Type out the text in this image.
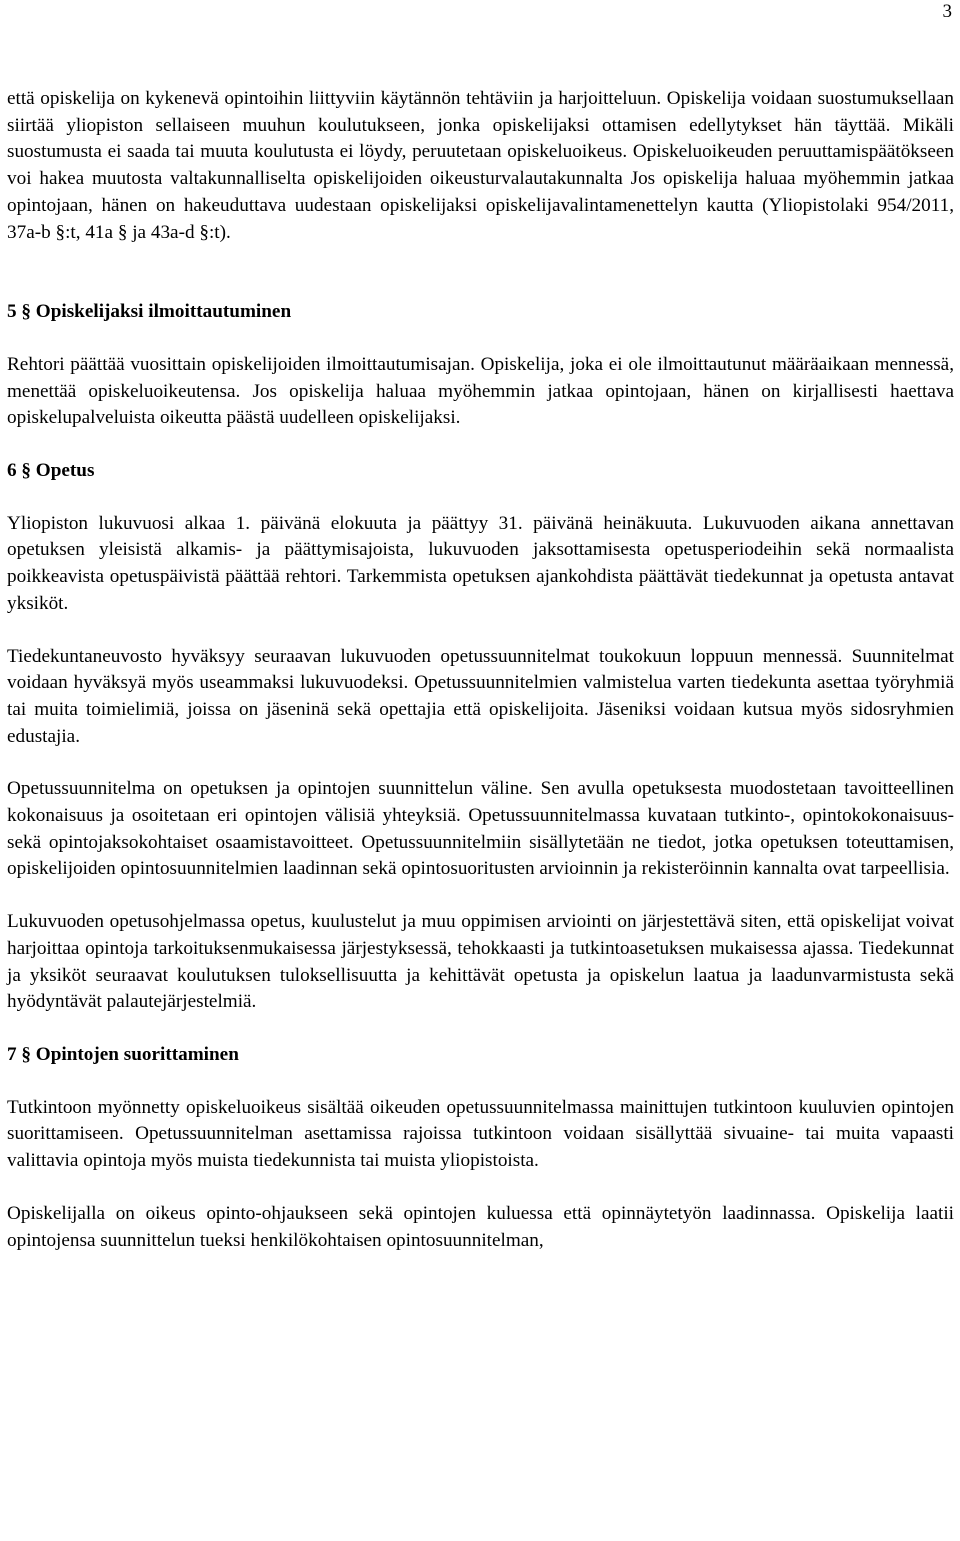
3

että opiskelija on kykenevä opintoihin liittyviin käytännön tehtäviin ja harjoitteluun. Opiskelija voidaan suostumuksellaan siirtää yliopiston sellaiseen muuhun koulutukseen, jonka opiskelijaksi ottamisen edellytykset hän täyttää. Mikäli suostumusta ei saada tai muuta koulutusta ei löydy, peruutetaan opiskeluoikeus. Opiskeluoikeuden peruuttamispäätökseen voi hakea muutosta valtakunnalliselta opiskelijoiden oikeusturvalautakunnalta Jos opiskelija haluaa myöhemmin jatkaa opintojaan, hänen on hakeuduttava uudestaan opiskelijaksi opiskelijavalintamenettelyn kautta (Yliopistolaki 954/2011, 37a-b §:t, 41a § ja 43a-d §:t).

5 § Opiskelijaksi ilmoittautuminen

Rehtori päättää vuosittain opiskelijoiden ilmoittautumisajan. Opiskelija, joka ei ole ilmoittautunut määräaikaan mennessä, menettää opiskeluoikeutensa. Jos opiskelija haluaa myöhemmin jatkaa opintojaan, hänen on kirjallisesti haettava opiskelupalveluista oikeutta päästä uudelleen opiskelijaksi.

6 § Opetus

Yliopiston lukuvuosi alkaa 1. päivänä elokuuta ja päättyy 31. päivänä heinäkuuta. Lukuvuoden aikana annettavan opetuksen yleisistä alkamis- ja päättymisajoista, lukuvuoden jaksottamisesta opetusperiodeihin sekä normaalista poikkeavista opetuspäivistä päättää rehtori. Tarkemmista opetuksen ajankohdista päättävät tiedekunnat ja opetusta antavat yksiköt.

Tiedekuntaneuvosto hyväksyy seuraavan lukuvuoden opetussuunnitelmat toukokuun loppuun mennessä. Suunnitelmat voidaan hyväksyä myös useammaksi lukuvuodeksi. Opetussuunnitelmien valmistelua varten tiedekunta asettaa työryhmiä tai muita toimielimiä, joissa on jäseninä sekä opettajia että opiskelijoita. Jäseniksi voidaan kutsua myös sidosryhmien edustajia.

Opetussuunnitelma on opetuksen ja opintojen suunnittelun väline. Sen avulla opetuksesta muodostetaan tavoitteellinen kokonaisuus ja osoitetaan eri opintojen välisiä yhteyksiä. Opetussuunnitelmassa kuvataan tutkinto-, opintokokonaisuus- sekä opintojaksokohtaiset osaamistavoitteet. Opetussuunnitelmiin sisällytetään ne tiedot, jotka opetuksen toteuttamisen, opiskelijoiden opintosuunnitelmien laadinnan sekä opintosuoritusten arvioinnin ja rekisteröinnin kannalta ovat tarpeellisia.

Lukuvuoden opetusohjelmassa opetus, kuulustelut ja muu oppimisen arviointi on järjestettävä siten, että opiskelijat voivat harjoittaa opintoja tarkoituksenmukaisessa järjestyksessä, tehokkaasti ja tutkintoasetuksen mukaisessa ajassa. Tiedekunnat ja yksiköt seuraavat koulutuksen tuloksellisuutta ja kehittävät opetusta ja opiskelun laatua ja laadunvarmistusta sekä hyödyntävät palautejärjestelmiä.

7 § Opintojen suorittaminen

Tutkintoon myönnetty opiskeluoikeus sisältää oikeuden opetussuunnitelmassa mainittujen tutkintoon kuuluvien opintojen suorittamiseen. Opetussuunnitelman asettamissa rajoissa tutkintoon voidaan sisällyttää sivuaine- tai muita vapaasti valittavia opintoja myös muista tiedekunnista tai muista yliopistoista.

Opiskelijalla on oikeus opinto-ohjaukseen sekä opintojen kuluessa että opinnäytetyön laadinnassa. Opiskelija laatii opintojensa suunnittelun tueksi henkilökohtaisen opintosuunnitelman,
